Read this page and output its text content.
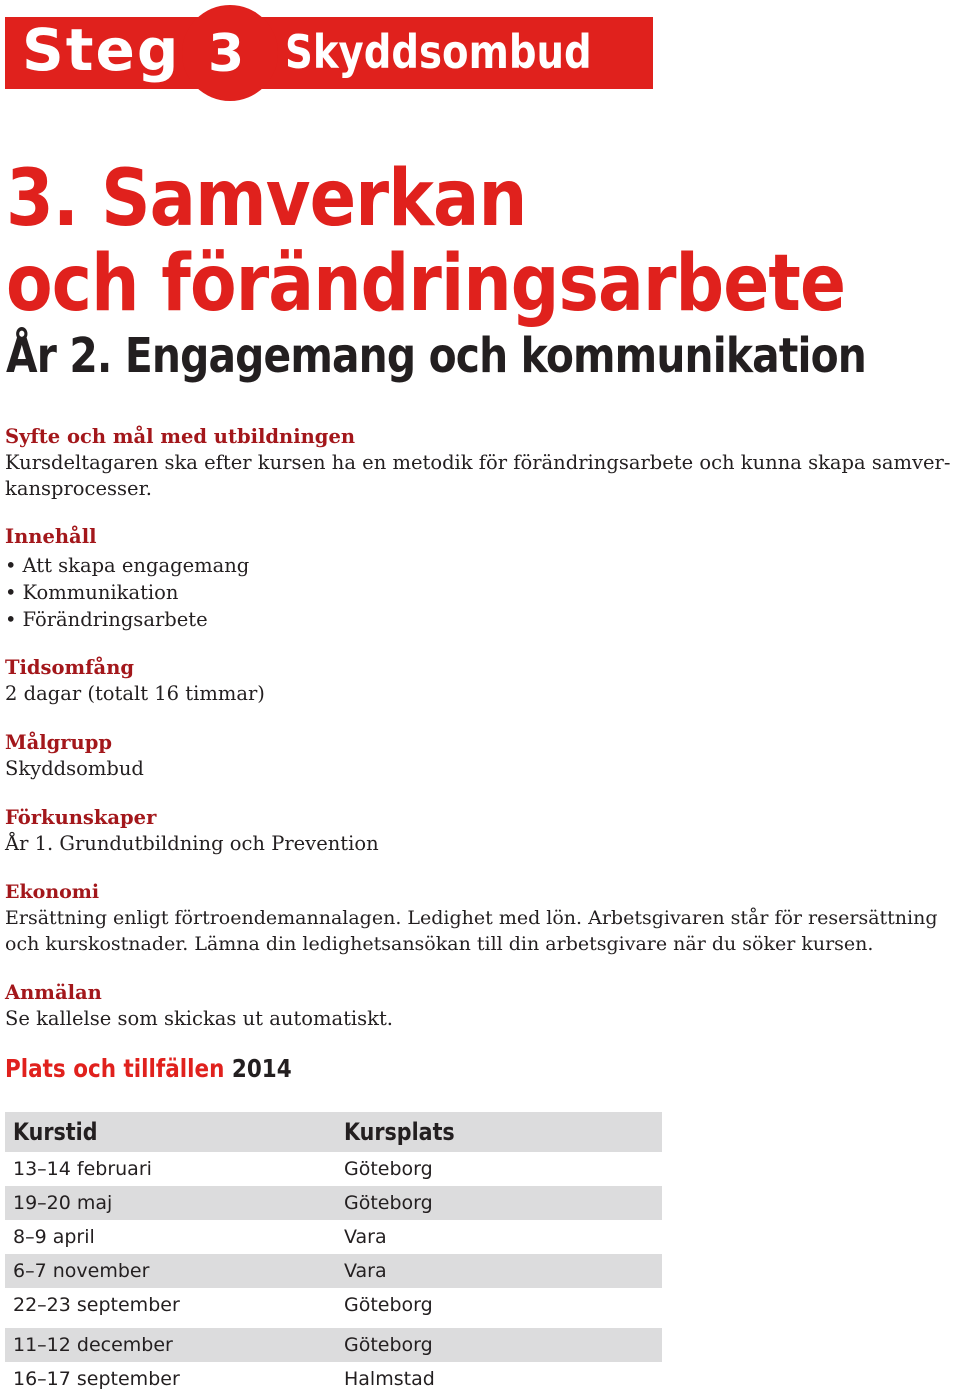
Steg 3 Skyddsombud
3. Samverkan
och förändringsarbete
År 2. Engagemang och kommunikation
Syfte och mål med utbildningen
Kursdeltagaren ska efter kursen ha en metodik för förändringsarbete och kunna skapa samver-
kansprocesser.
Innehåll
• Att skapa engagemang
• Kommunikation
• Förändringsarbete
Tidsomfång
2 dagar (totalt 16 timmar)
Målgrupp
Skyddsombud
Förkunskaper
År 1. Grundutbildning och Prevention
Ekonomi
Ersättning enligt förtroendemannalagen. Ledighet med lön. Arbetsgivaren står för resersättning och kurskostnader. Lämna din ledighetsansökan till din arbetsgivare när du söker kursen.
Anmälan
Se kallelse som skickas ut automatiskt.
Plats och tillfällen 2014
Kurstid	Kursplats
13–14 februari	Göteborg
19–20 maj	Göteborg
8–9 april	Vara
6–7 november	Vara
22–23 september	Göteborg
11–12 december	Göteborg
16–17 september	Halmstad
